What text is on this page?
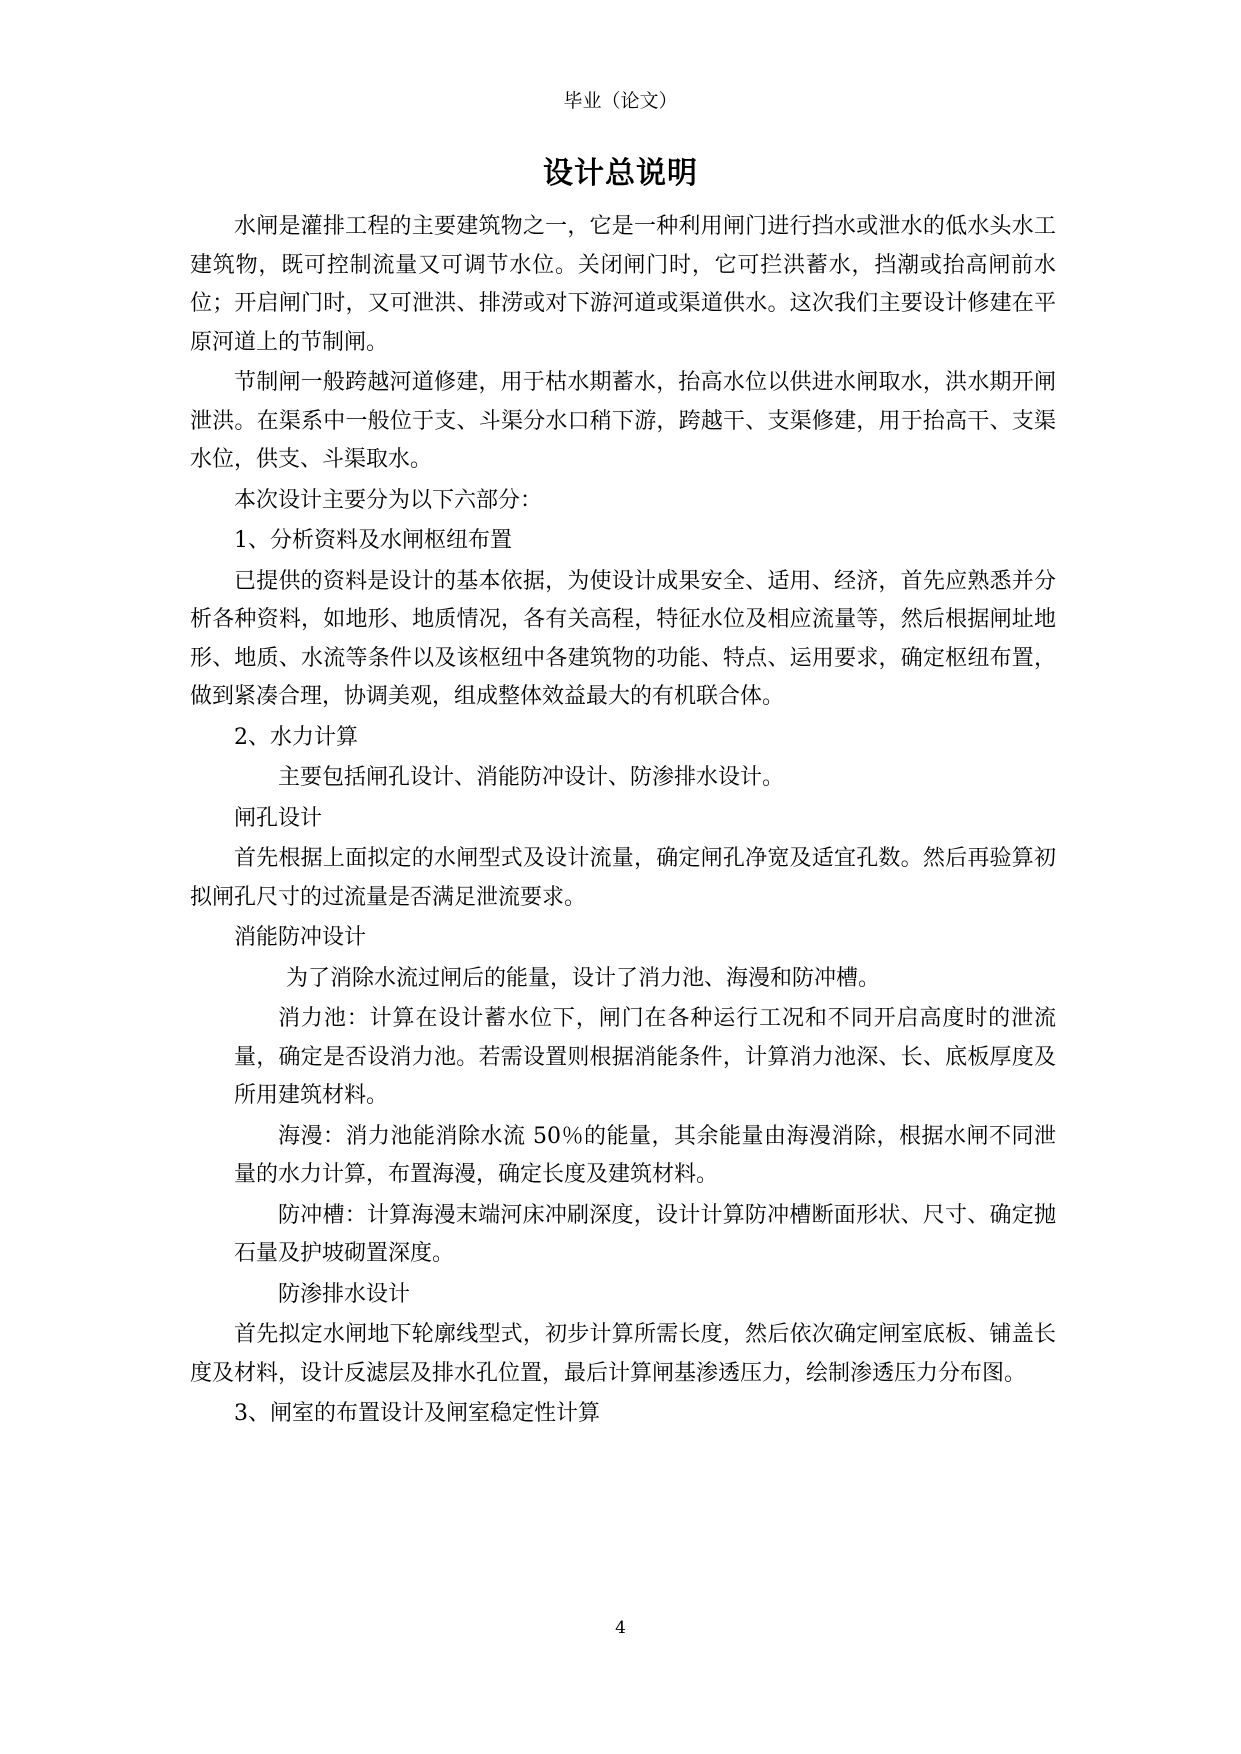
毕业（论文）
设计总说明

水闸是灌排工程的主要建筑物之一，它是一种利用闸门进行挡水或泄水的低水头水工建筑物，既可控制流量又可调节水位。关闭闸门时，它可拦洪蓄水，挡潮或抬高闸前水位；开启闸门时，又可泄洪、排涝或对下游河道或渠道供水。这次我们主要设计修建在平原河道上的节制闸。

节制闸一般跨越河道修建，用于枯水期蓄水，抬高水位以供进水闸取水，洪水期开闸泄洪。在渠系中一般位于支、斗渠分水口稍下游，跨越干、支渠修建，用于抬高干、支渠水位，供支、斗渠取水。

本次设计主要分为以下六部分：

1、分析资料及水闸枢纽布置

已提供的资料是设计的基本依据，为使设计成果安全、适用、经济，首先应熟悉并分析各种资料，如地形、地质情况，各有关高程，特征水位及相应流量等，然后根据闸址地形、地质、水流等条件以及该枢纽中各建筑物的功能、特点、运用要求，确定枢纽布置，做到紧凑合理，协调美观，组成整体效益最大的有机联合体。

2、水力计算

主要包括闸孔设计、消能防冲设计、防渗排水设计。

闸孔设计

首先根据上面拟定的水闸型式及设计流量，确定闸孔净宽及适宜孔数。然后再验算初拟闸孔尺寸的过流量是否满足泄流要求。

消能防冲设计

为了消除水流过闸后的能量，设计了消力池、海漫和防冲槽。

消力池：计算在设计蓄水位下，闸门在各种运行工况和不同开启高度时的泄流量，确定是否设消力池。若需设置则根据消能条件，计算消力池深、长、底板厚度及所用建筑材料。

海漫：消力池能消除水流 50％的能量，其余能量由海漫消除，根据水闸不同泄量的水力计算，布置海漫，确定长度及建筑材料。

防冲槽：计算海漫末端河床冲刷深度，设计计算防冲槽断面形状、尺寸、确定抛石量及护坡砌置深度。

防渗排水设计

首先拟定水闸地下轮廓线型式，初步计算所需长度，然后依次确定闸室底板、铺盖长度及材料，设计反滤层及排水孔位置，最后计算闸基渗透压力，绘制渗透压力分布图。

3、闸室的布置设计及闸室稳定性计算

4
